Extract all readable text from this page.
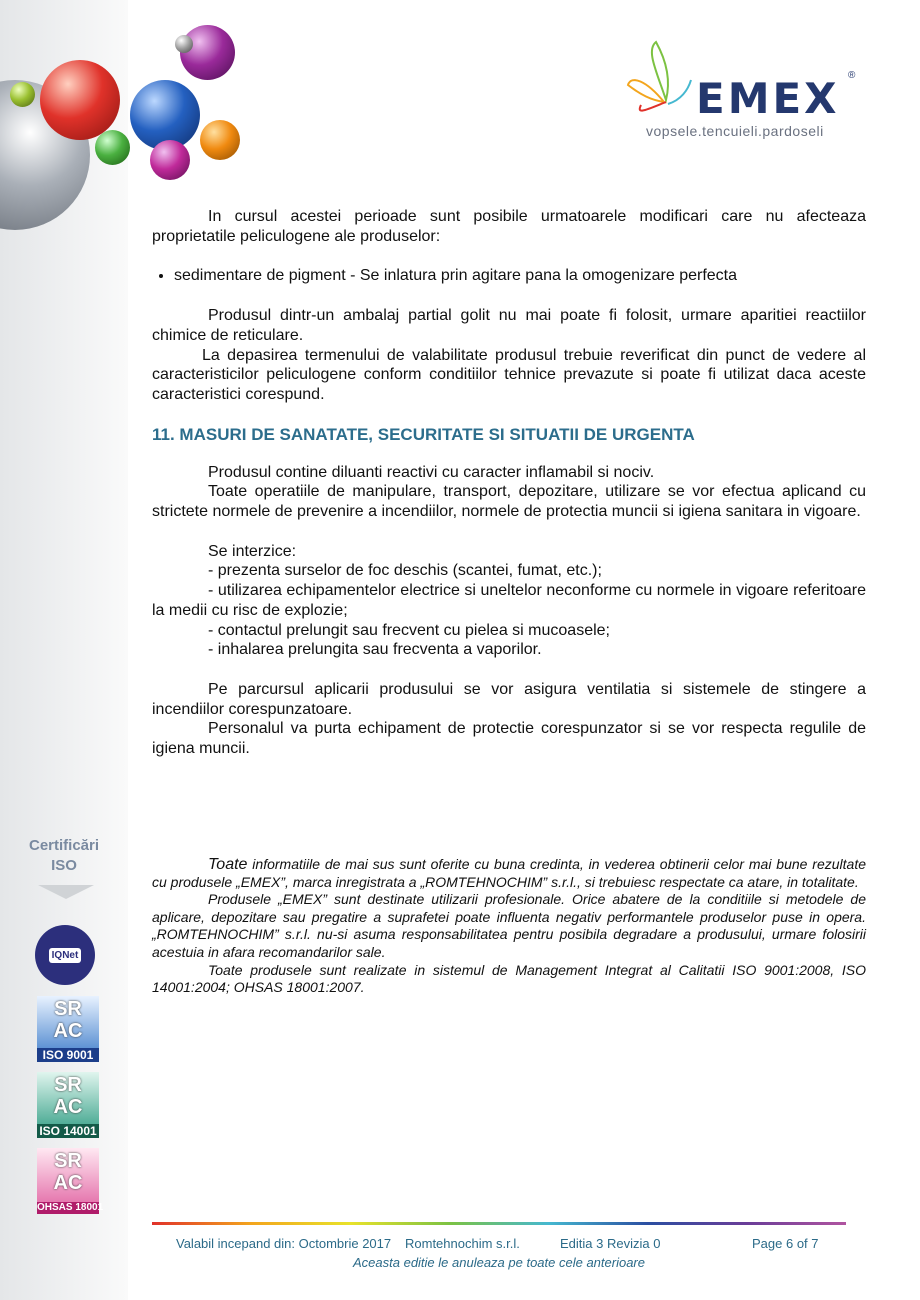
EMEX ®
vopsele.tencuieli.pardoseli

In cursul acestei perioade sunt posibile urmatoarele modificari care nu afecteaza proprietatile peliculogene ale produselor:

• sedimentare de pigment - Se inlatura prin agitare pana la omogenizare perfecta

Produsul dintr-un ambalaj partial golit nu mai poate fi folosit, urmare aparitiei reactiilor chimice de reticulare.

La depasirea termenului de valabilitate produsul trebuie reverificat din punct de vedere al caracteristicilor peliculogene conform conditiilor tehnice prevazute si poate fi utilizat daca aceste caracteristici corespund.

11. MASURI DE SANATATE, SECURITATE SI SITUATII DE URGENTA

Produsul contine diluanti reactivi cu caracter inflamabil si nociv.

Toate operatiile de manipulare, transport, depozitare, utilizare se vor efectua aplicand cu strictete normele de prevenire a incendiilor, normele de protectia muncii si igiena sanitara in vigoare.

Se interzice:

- prezenta surselor de foc deschis (scantei, fumat, etc.);

- utilizarea echipamentelor electrice si uneltelor neconforme cu normele in vigoare referitoare la medii cu risc de explozie;

- contactul prelungit sau frecvent cu pielea si mucoasele;

- inhalarea prelungita sau frecventa a vaporilor.

Pe parcursul aplicarii produsului se vor asigura ventilatia si sistemele de stingere a incendiilor corespunzatoare.

Personalul va purta echipament de protectie corespunzator si se vor respecta regulile de igiena muncii.

Toate informatiile de mai sus sunt oferite cu buna credinta, in vederea obtinerii celor mai bune rezultate cu produsele „EMEX”, marca inregistrata a „ROMTEHNOCHIM” s.r.l., si trebuiesc respectate ca atare, in totalitate.

Produsele „EMEX” sunt destinate utilizarii profesionale. Orice abatere de la conditiile si metodele de aplicare, depozitare sau pregatire a suprafetei poate influenta negativ performantele produselor puse in opera. „ROMTEHNOCHIM” s.r.l. nu-si asuma responsabilitatea pentru posibila degradare a produsului, urmare folosirii acestuia in afara recomandarilor sale.

Toate produsele sunt realizate in sistemul de Management Integrat al Calitatii ISO 9001:2008, ISO 14001:2004; OHSAS 18001:2007.

Certificări
ISO
IQNet
SR AC
ISO 9001
SR AC
ISO 14001
SR AC
OHSAS 18001
Valabil incepand din: Octombrie 2017 Romtehnochim s.r.l.	Editia 3 Revizia 0	Page 6 of 7
Aceasta editie le anuleaza pe toate cele anterioare
